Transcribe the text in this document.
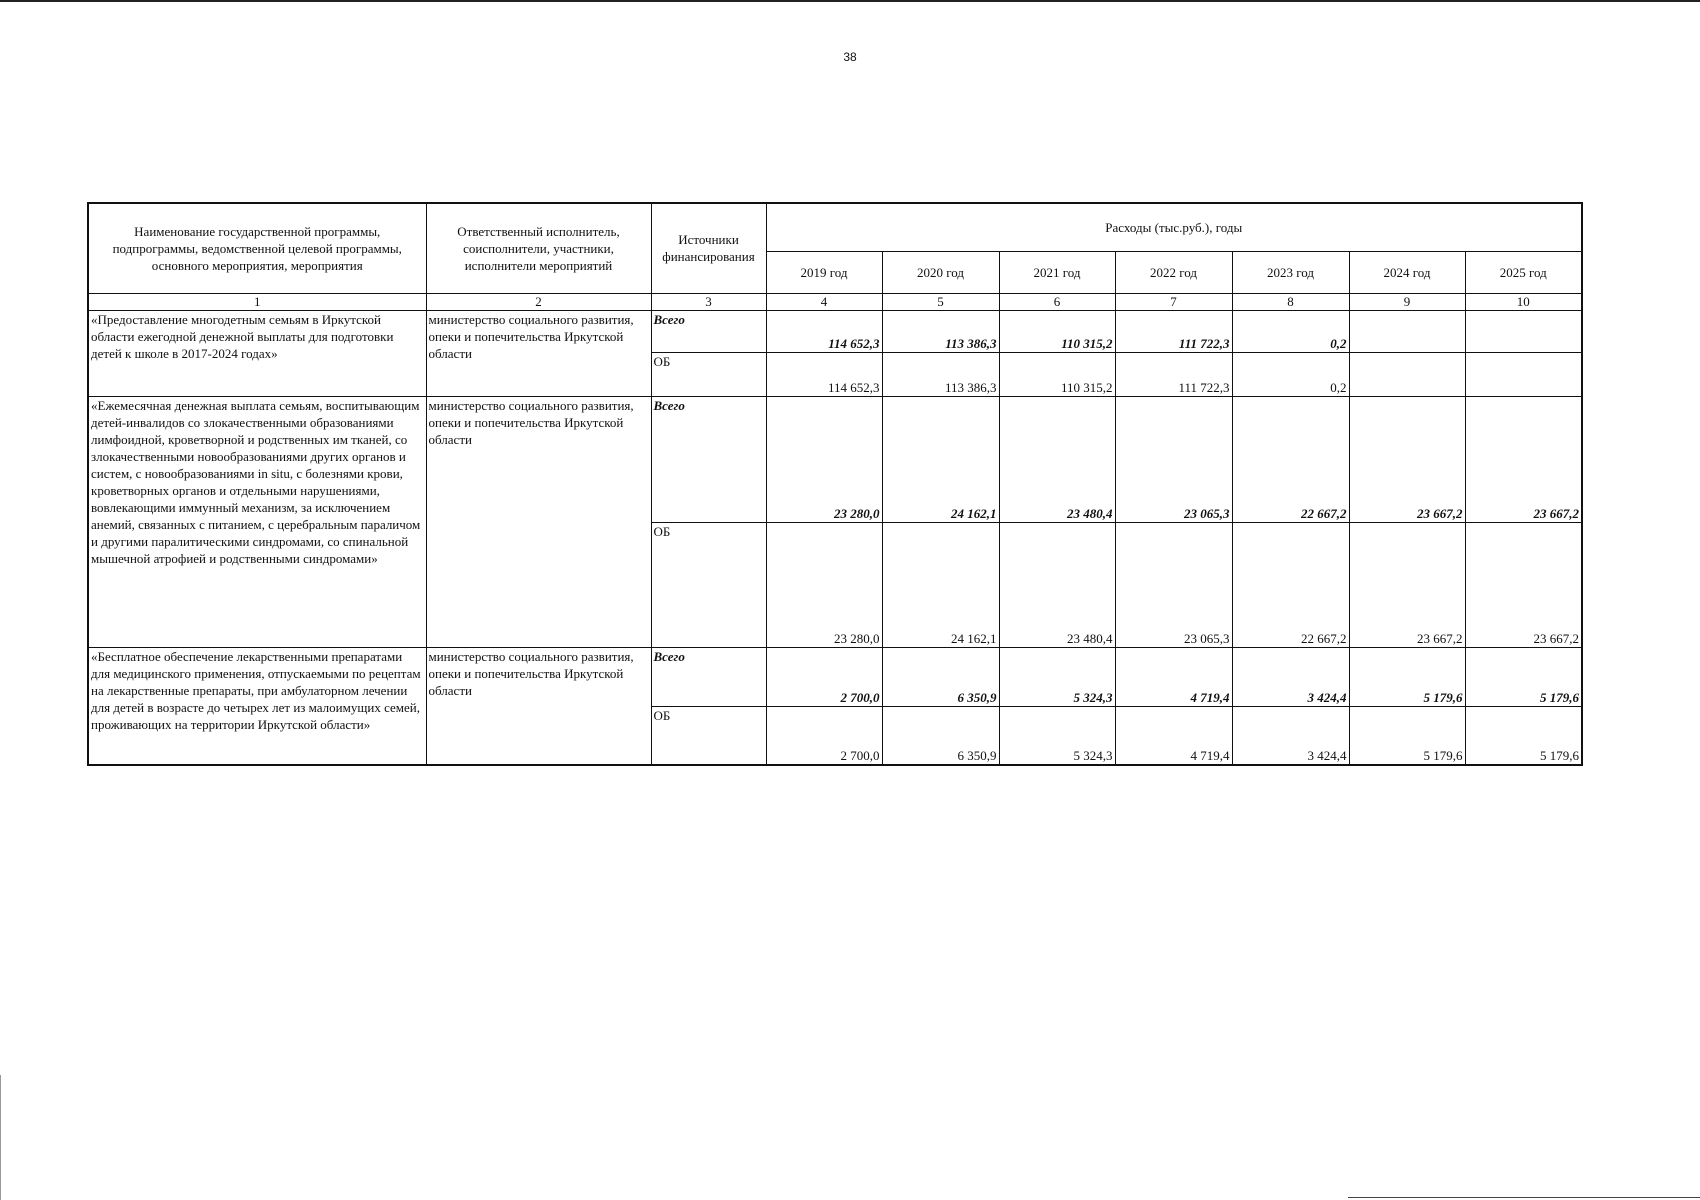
38
Наименование государственной программы, подпрограммы, ведомственной целевой программы, основного мероприятия, мероприятия	Ответственный исполнитель, соисполнители, участники, исполнители мероприятий	Источники финансирования	Расходы (тыс.руб.), годы						
			2019 год	2020 год	2021 год	2022 год	2023 год	2024 год	2025 год
1	2	3	4	5	6	7	8	9	10
«Предоставление многодетным семьям в Иркутской области ежегодной денежной выплаты для подготовки детей к школе в 2017-2024 годах»	министерство социального развития, опеки и попечительства Иркутской области	Всего	114 652,3	113 386,3	110 315,2	111 722,3	0,2		
		ОБ	114 652,3	113 386,3	110 315,2	111 722,3	0,2		
«Ежемесячная денежная выплата семьям, воспитывающим детей-инвалидов со злокачественными образованиями лимфоидной, кроветворной и родственных им тканей, со злокачественными новообразованиями других органов и систем, с новообразованиями in situ, с болезнями крови, кроветворных органов и отдельными нарушениями, вовлекающими иммунный механизм, за исключением анемий, связанных с питанием, с церебральным параличом и другими паралитическими синдромами, со спинальной мышечной атрофией и родственными синдромами»	министерство социального развития, опеки и попечительства Иркутской области	Всего	23 280,0	24 162,1	23 480,4	23 065,3	22 667,2	23 667,2	23 667,2
		ОБ	23 280,0	24 162,1	23 480,4	23 065,3	22 667,2	23 667,2	23 667,2
«Бесплатное обеспечение лекарственными препаратами для медицинского применения, отпускаемыми по рецептам на лекарственные препараты, при амбулаторном лечении для детей в возрасте до четырех лет из малоимущих семей, проживающих на территории Иркутской области»	министерство социального развития, опеки и попечительства Иркутской области	Всего	2 700,0	6 350,9	5 324,3	4 719,4	3 424,4	5 179,6	5 179,6
		ОБ	2 700,0	6 350,9	5 324,3	4 719,4	3 424,4	5 179,6	5 179,6
